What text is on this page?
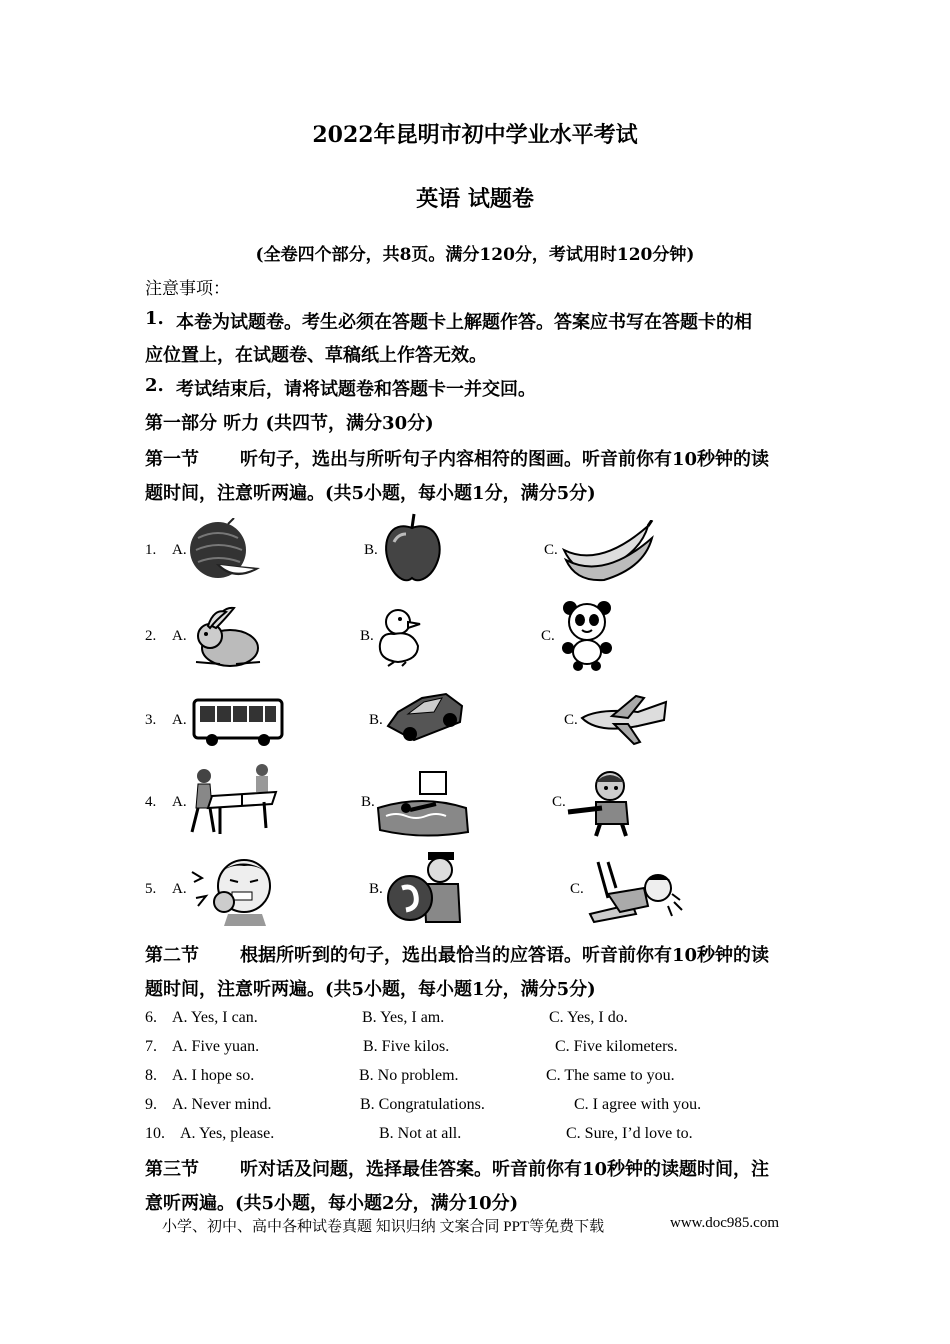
2022年昆明市初中学业水平考试
英语 试题卷
(全卷四个部分，共8页。满分120分，考试用时120分钟)
注意事项：
1. 本卷为试题卷。考生必须在答题卡上解题作答。答案应书写在答题卡的相
应位置上，在试题卷、草稿纸上作答无效。
2. 考试结束后，请将试题卷和答题卡一并交回。
第一部分 听力 (共四节，满分30分)
第一节 听句子，选出与所听句子内容相符的图画。听音前你有10秒钟的读
题时间，注意听两遍。(共5小题，每小题1分，满分5分)
1. A.	B.	C.
2. A.	B.	C.
3. A.	B.	C.
4. A.	B.	C.
5. A.	B.	C.
第二节 根据所听到的句子，选出最恰当的应答语。听音前你有10秒钟的读
题时间，注意听两遍。(共5小题，每小题1分，满分5分)
6. A. Yes, I can.	B. Yes, I am.	C. Yes, I do.
7. A. Five yuan.	B. Five kilos.	C. Five kilometers.
8. A. I hope so.	B. No problem.	C. The same to you.
9. A. Never mind.	B. Congratulations.	C. I agree with you.
10. A. Yes, please.	B. Not at all.	C. Sure, I’d love to.
第三节 听对话及问题，选择最佳答案。听音前你有10秒钟的读题时间，注
意听两遍。(共5小题，每小题2分，满分10分)
小学、初中、高中各种试卷真题 知识归纳 文案合同 PPT等免费下载	www.doc985.com
